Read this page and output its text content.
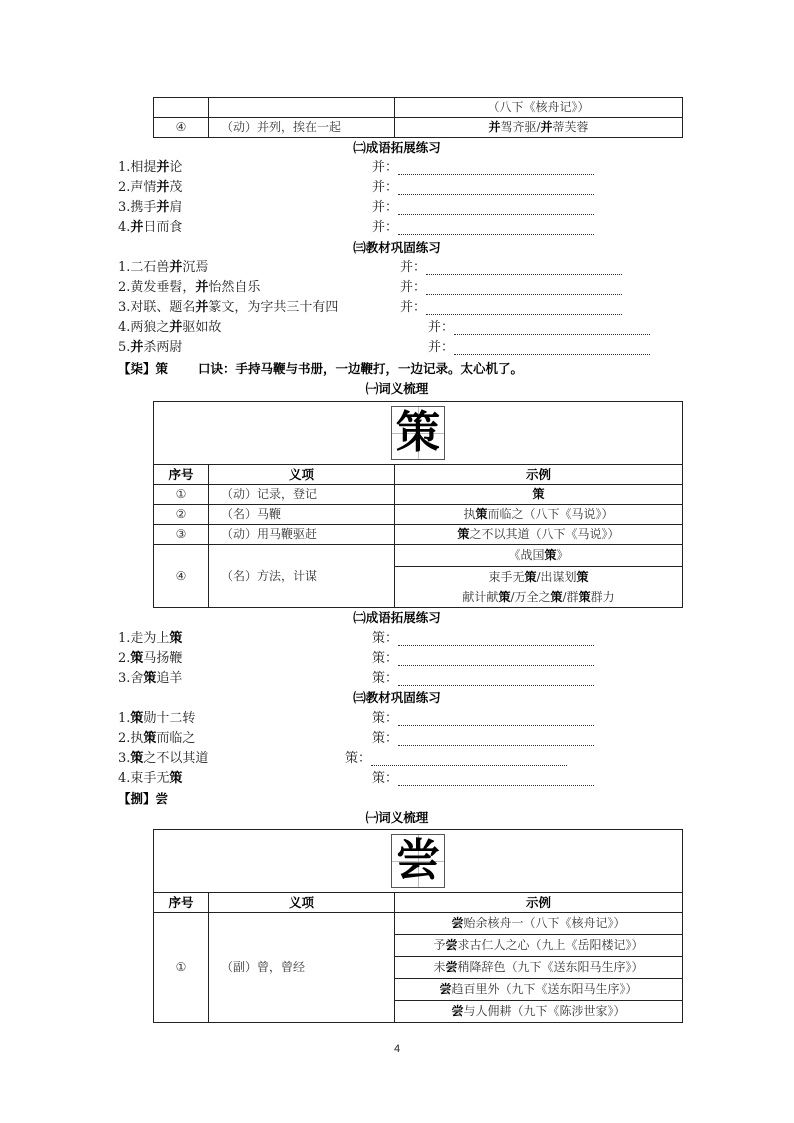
		（八下《核舟记》）
④	（动）并列，挨在一起	并驾齐驱/并蒂芙蓉
㈡成语拓展练习
1.相提并论	并：
2.声情并茂	并：
3.携手并肩	并：
4.并日而食	并：
㈢教材巩固练习
1.二石兽并沉焉	并：
2.黄发垂髫，并怡然自乐	并：
3.对联、题名并篆文，为字共三十有四	并：
4.两狼之并驱如故	并：
5.并杀两尉	并：
【柒】策 口诀：手持马鞭与书册，一边鞭打，一边记录。太心机了。
㈠词义梳理
策		

序号	义项	示例
①	（动）记录，登记	策
②	（名）马鞭	执策而临之（八下《马说》）
③	（动）用马鞭驱赶	策之不以其道（八下《马说》）
④	（名）方法，计谋	《战国策》
		束手无策/出谋划策
		献计献策/万全之策/群策群力
㈡成语拓展练习
1.走为上策	策：
2.策马扬鞭	策：
3.舍策追羊	策：
㈢教材巩固练习
1.策勋十二转	策：
2.执策而临之	策：
3.策之不以其道	策：
4.束手无策	策：
【捌】尝
㈠词义梳理
尝		

序号	义项	示例
①	（副）曾，曾经	尝贻余核舟一（八下《核舟记》）
		予尝求古仁人之心（九上《岳阳楼记》）
		未尝稍降辞色（九下《送东阳马生序》）
		尝趋百里外（九下《送东阳马生序》）
		尝与人佣耕（九下《陈涉世家》）
4
